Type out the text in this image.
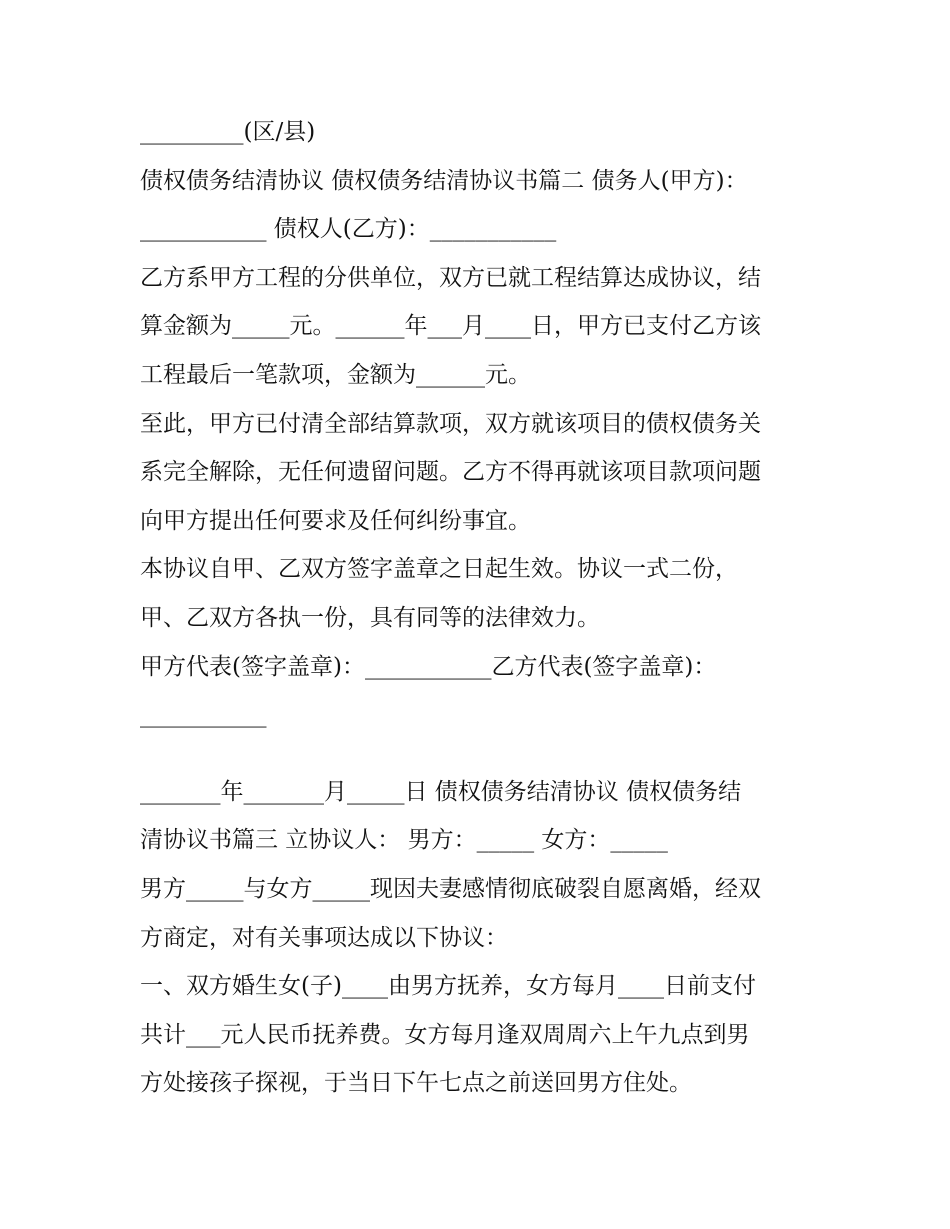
_________(区/县)
债权债务结清协议 债权债务结清协议书篇二 债务人(甲方)：
___________ 债权人(乙方)：___________
乙方系甲方工程的分供单位，双方已就工程结算达成协议，结
算金额为_____元。______年___月____日，甲方已支付乙方该
工程最后一笔款项，金额为______元。
至此，甲方已付清全部结算款项，双方就该项目的债权债务关
系完全解除，无任何遗留问题。乙方不得再就该项目款项问题
向甲方提出任何要求及任何纠纷事宜。
本协议自甲、乙双方签字盖章之日起生效。协议一式二份，
甲、乙双方各执一份，具有同等的法律效力。
甲方代表(签字盖章)：___________乙方代表(签字盖章)：
___________
_______年_______月_____日 债权债务结清协议 债权债务结
清协议书篇三 立协议人： 男方：_____ 女方：_____
男方_____与女方_____现因夫妻感情彻底破裂自愿离婚，经双
方商定，对有关事项达成以下协议：
一、双方婚生女(子)____由男方抚养，女方每月____日前支付
共计___元人民币抚养费。女方每月逢双周周六上午九点到男
方处接孩子探视，于当日下午七点之前送回男方住处。
